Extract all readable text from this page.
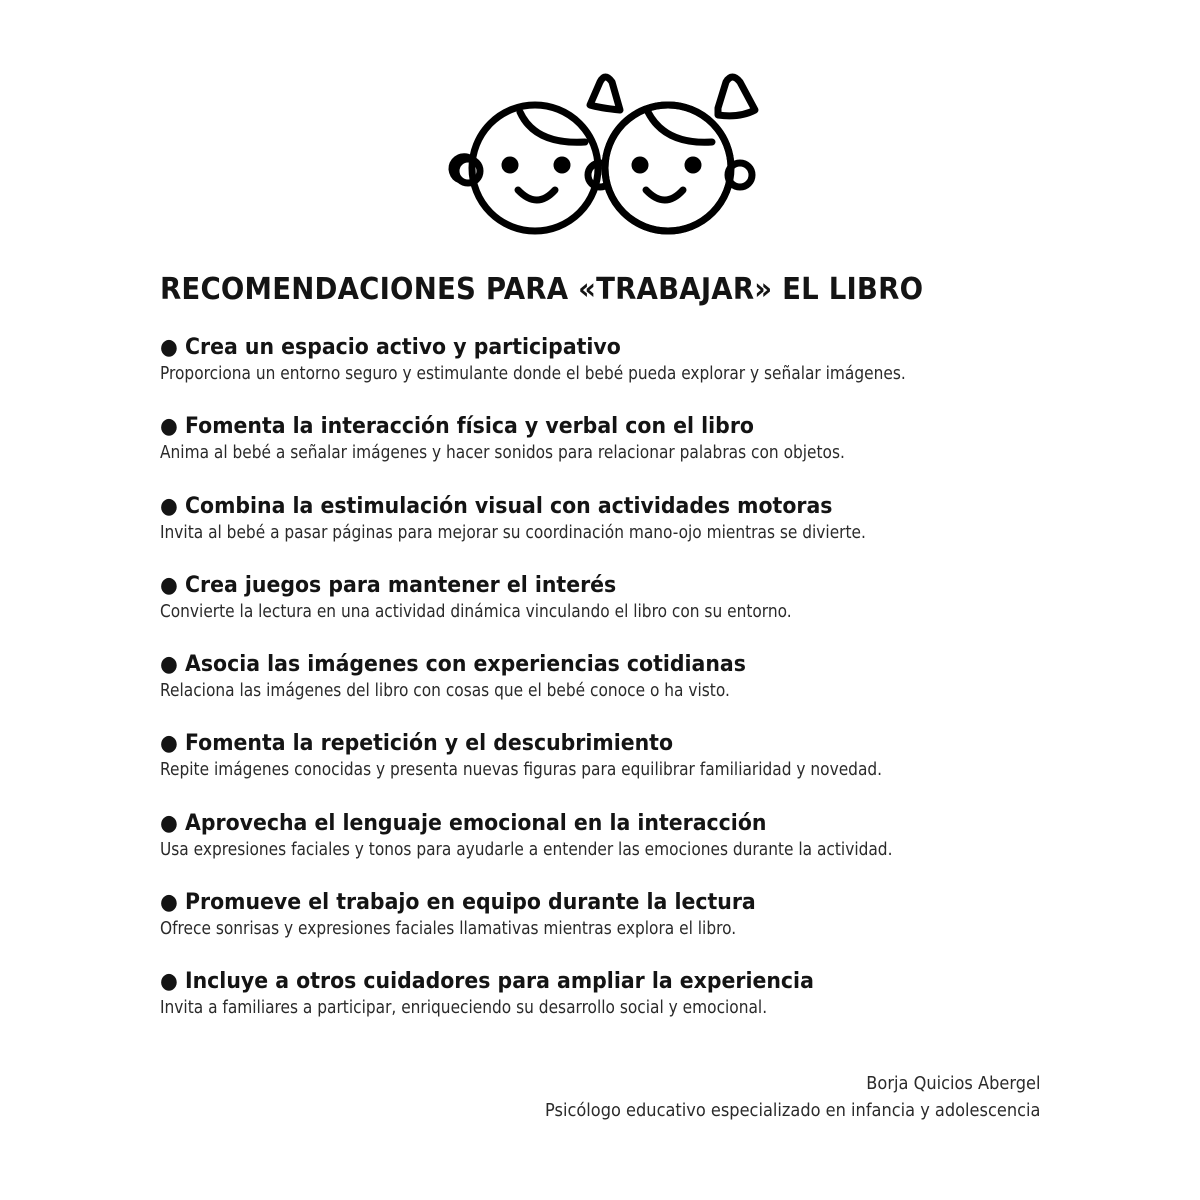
RECOMENDACIONES PARA «TRABAJAR» EL LIBRO
● Crea un espacio activo y participativo
Proporciona un entorno seguro y estimulante donde el bebé pueda explorar y señalar imágenes.
● Fomenta la interacción física y verbal con el libro
Anima al bebé a señalar imágenes y hacer sonidos para relacionar palabras con objetos.
● Combina la estimulación visual con actividades motoras
Invita al bebé a pasar páginas para mejorar su coordinación mano-ojo mientras se divierte.
● Crea juegos para mantener el interés
Convierte la lectura en una actividad dinámica vinculando el libro con su entorno.
● Asocia las imágenes con experiencias cotidianas
Relaciona las imágenes del libro con cosas que el bebé conoce o ha visto.
● Fomenta la repetición y el descubrimiento
Repite imágenes conocidas y presenta nuevas figuras para equilibrar familiaridad y novedad.
● Aprovecha el lenguaje emocional en la interacción
Usa expresiones faciales y tonos para ayudarle a entender las emociones durante la actividad.
● Promueve el trabajo en equipo durante la lectura
Ofrece sonrisas y expresiones faciales llamativas mientras explora el libro.
● Incluye a otros cuidadores para ampliar la experiencia
Invita a familiares a participar, enriqueciendo su desarrollo social y emocional.
Borja Quicios Abergel
Psicólogo educativo especializado en infancia y adolescencia
